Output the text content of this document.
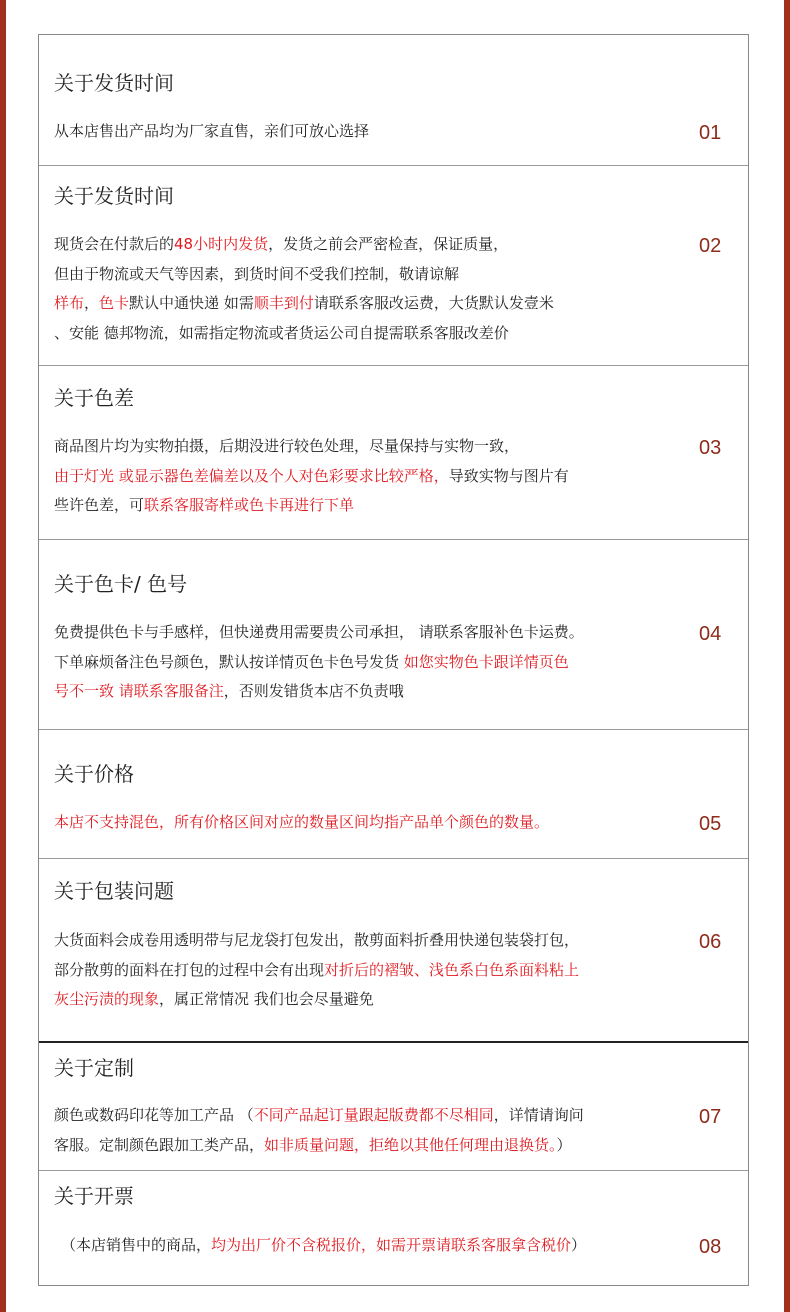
关于发货时间
从本店售出产品均为厂家直售，亲们可放心选择	01
关于发货时间
现货会在付款后的48小时内发货，发货之前会严密检查，保证质量，
但由于物流或天气等因素，到货时间不受我们控制，敬请谅解
样布，色卡默认中通快递 如需顺丰到付请联系客服改运费，大货默认发壹米
、安能 德邦物流，如需指定物流或者货运公司自提需联系客服改差价
02
关于色差
商品图片均为实物拍摄，后期没进行较色处理，尽量保持与实物一致，
由于灯光 或显示器色差偏差以及个人对色彩要求比较严格，导致实物与图片有
些许色差，可联系客服寄样或色卡再进行下单
03
关于色卡/ 色号
免费提供色卡与手感样，但快递费用需要贵公司承担， 请联系客服补色卡运费。
下单麻烦备注色号颜色，默认按详情页色卡色号发货 如您实物色卡跟详情页色
号不一致 请联系客服备注，否则发错货本店不负责哦
04
关于价格
本店不支持混色，所有价格区间对应的数量区间均指产品单个颜色的数量。	05
关于包装问题
大货面料会成卷用透明带与尼龙袋打包发出，散剪面料折叠用快递包装袋打包，
部分散剪的面料在打包的过程中会有出现对折后的褶皱、浅色系白色系面料粘上
灰尘污渍的现象，属正常情况 我们也会尽量避免
06
关于定制
颜色或数码印花等加工产品 （不同产品起订量跟起版费都不尽相同，详情请询问
客服。定制颜色跟加工类产品，如非质量问题，拒绝以其他任何理由退换货。）
07
关于开票
（本店销售中的商品，均为出厂价不含税报价，如需开票请联系客服拿含税价）	08
